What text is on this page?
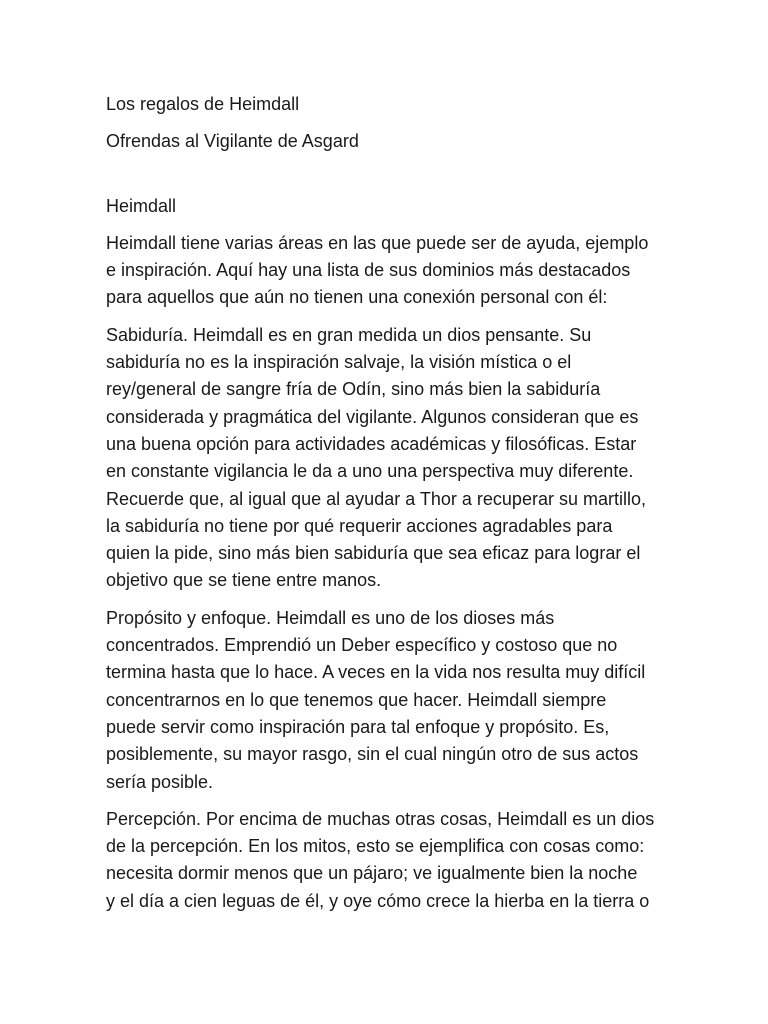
Los regalos de Heimdall

Ofrendas al Vigilante de Asgard

Heimdall

Heimdall tiene varias áreas en las que puede ser de ayuda, ejemplo
e inspiración. Aquí hay una lista de sus dominios más destacados
para aquellos que aún no tienen una conexión personal con él:
Sabiduría. Heimdall es en gran medida un dios pensante. Su
sabiduría no es la inspiración salvaje, la visión mística o el
rey/general de sangre fría de Odín, sino más bien la sabiduría
considerada y pragmática del vigilante. Algunos consideran que es
una buena opción para actividades académicas y filosóficas. Estar
en constante vigilancia le da a uno una perspectiva muy diferente.
Recuerde que, al igual que al ayudar a Thor a recuperar su martillo,
la sabiduría no tiene por qué requerir acciones agradables para
quien la pide, sino más bien sabiduría que sea eficaz para lograr el
objetivo que se tiene entre manos.
Propósito y enfoque. Heimdall es uno de los dioses más
concentrados. Emprendió un Deber específico y costoso que no
termina hasta que lo hace. A veces en la vida nos resulta muy difícil
concentrarnos en lo que tenemos que hacer. Heimdall siempre
puede servir como inspiración para tal enfoque y propósito. Es,
posiblemente, su mayor rasgo, sin el cual ningún otro de sus actos
sería posible.
Percepción. Por encima de muchas otras cosas, Heimdall es un dios
de la percepción. En los mitos, esto se ejemplifica con cosas como:
necesita dormir menos que un pájaro; ve igualmente bien la noche
y el día a cien leguas de él, y oye cómo crece la hierba en la tierra o
